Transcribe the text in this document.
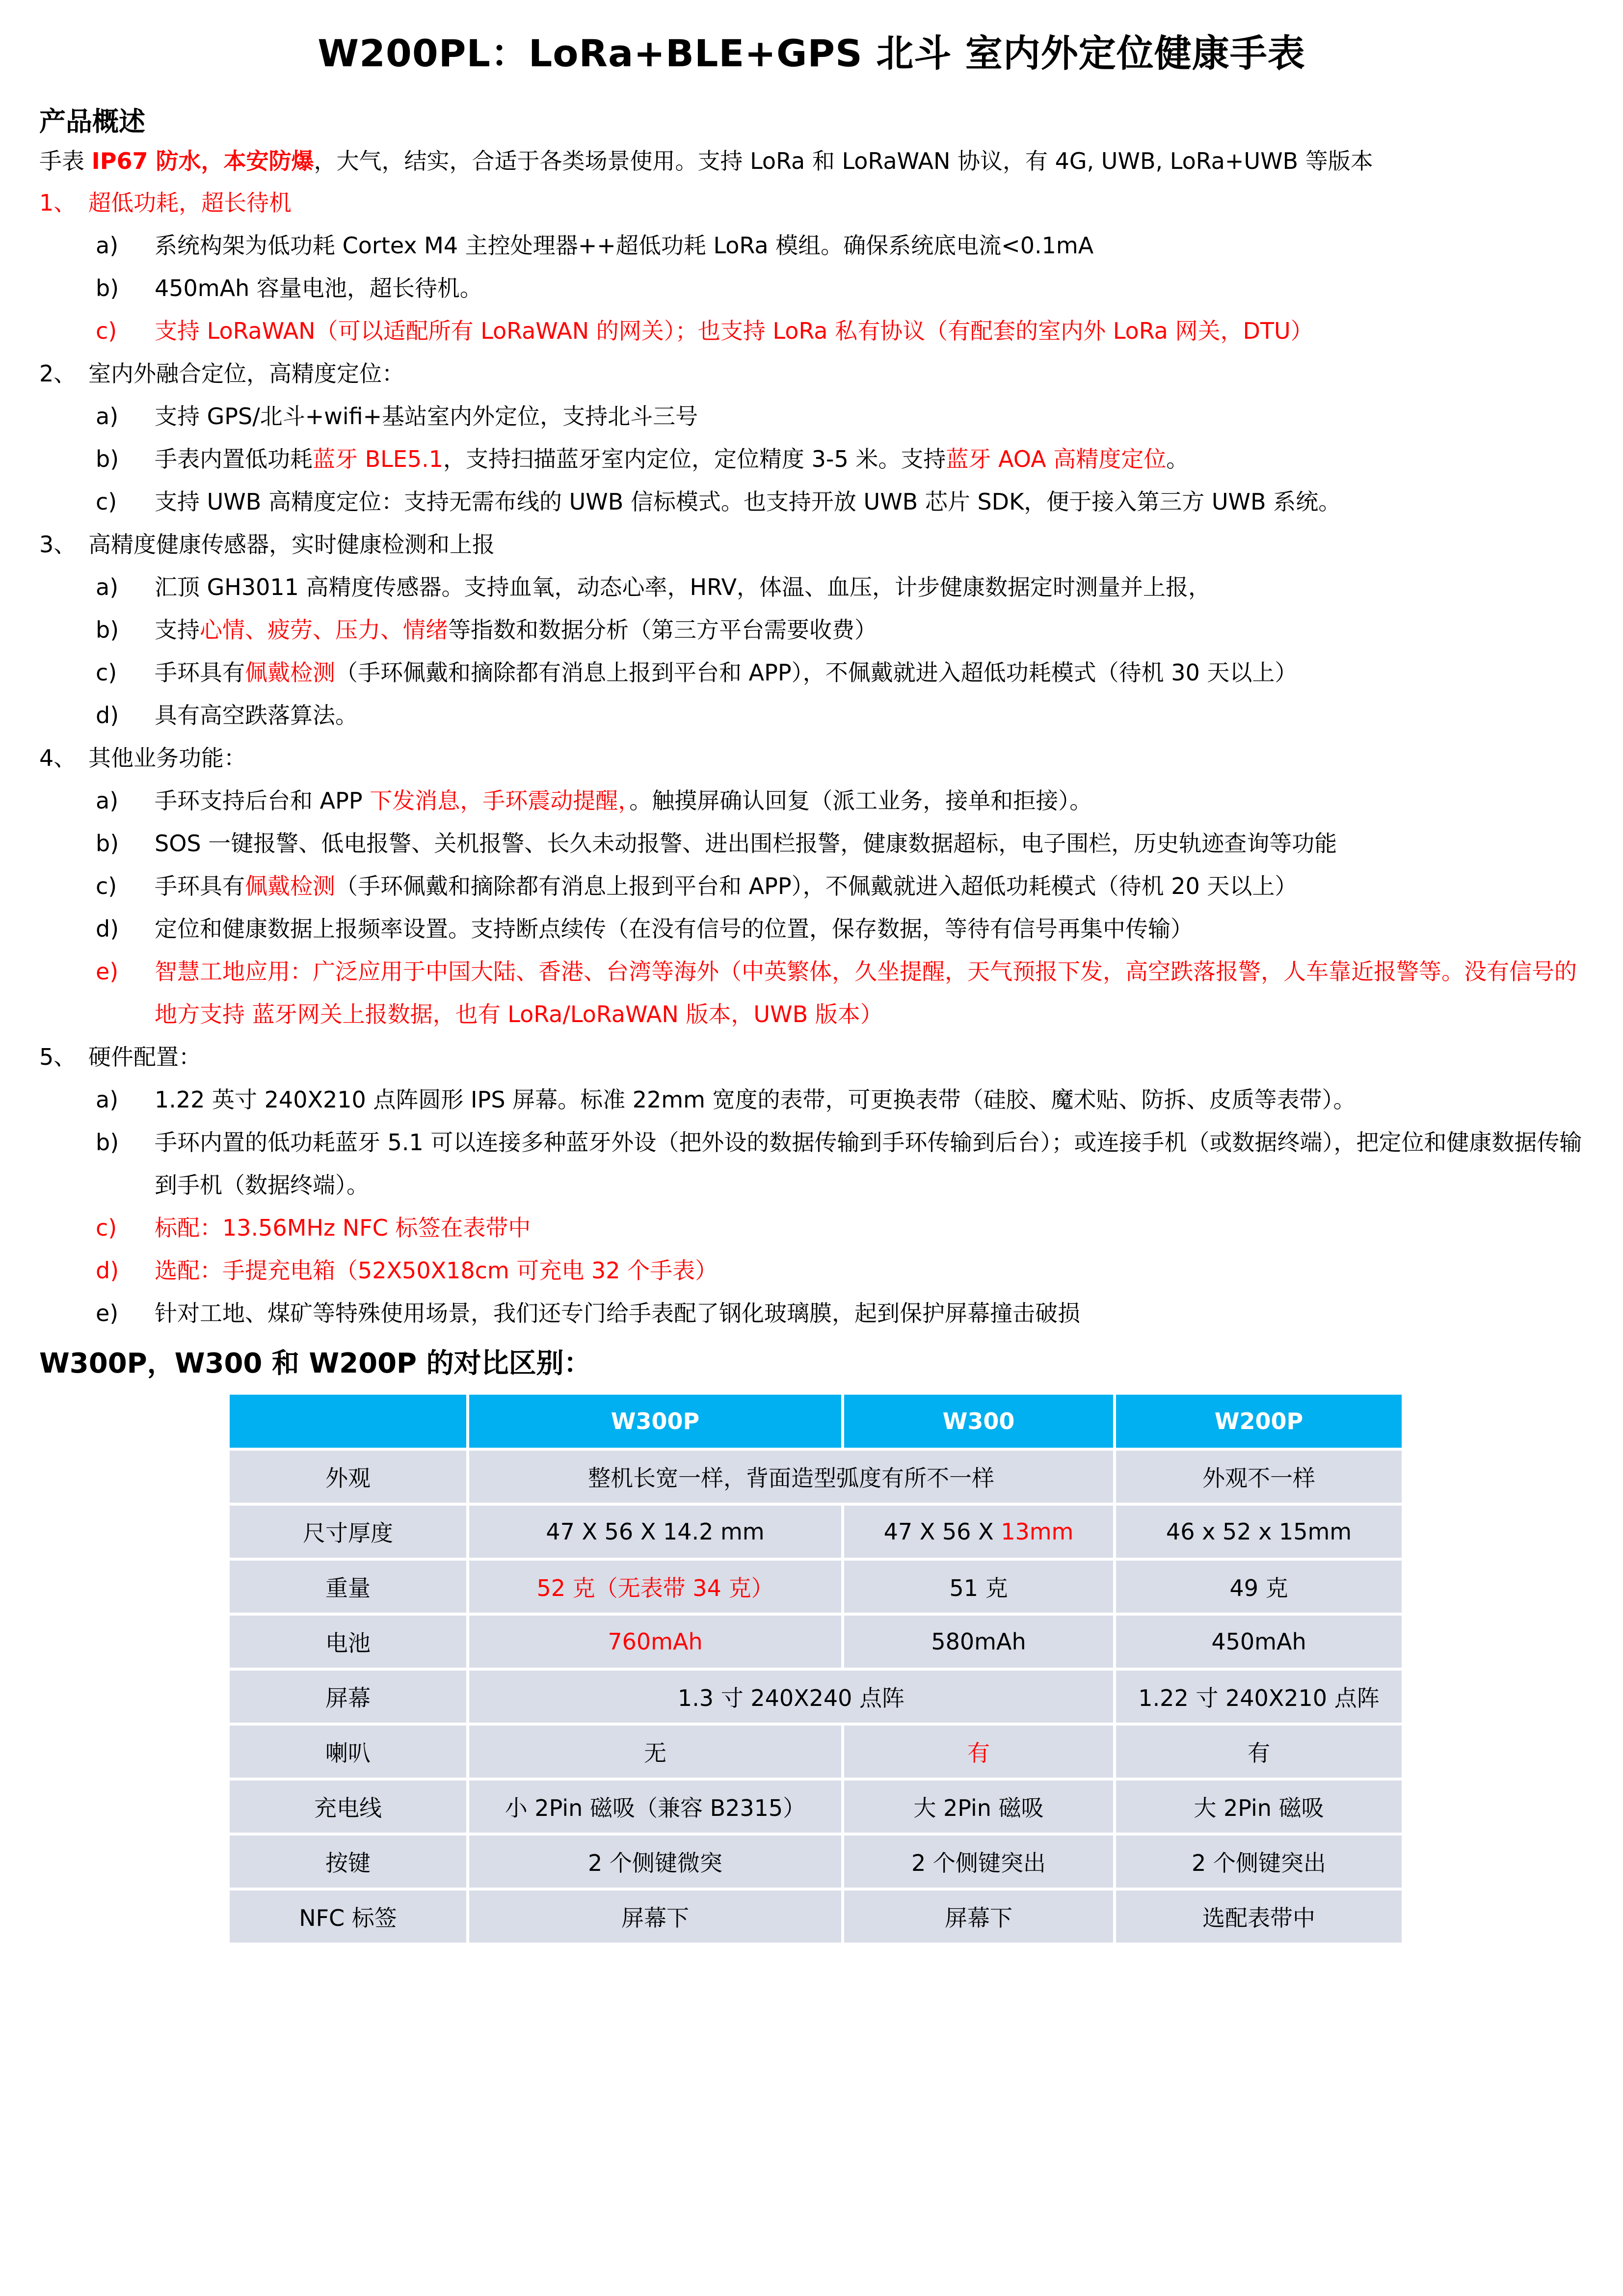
W200PL：LoRa+BLE+GPS 北斗 室内外定位健康手表
产品概述
手表 IP67 防水，本安防爆，大气，结实，合适于各类场景使用。支持 LoRa 和 LoRaWAN 协议，有 4G, UWB, LoRa+UWB 等版本
1、 超低功耗，超长待机
a)	系统构架为低功耗 Cortex M4 主控处理器++超低功耗 LoRa 模组。确保系统底电流<0.1mA
b)	450mAh 容量电池，超长待机。
c)	支持 LoRaWAN（可以适配所有 LoRaWAN 的网关）；也支持 LoRa 私有协议（有配套的室内外 LoRa 网关，DTU）
2、 室内外融合定位，高精度定位：
a)	支持 GPS/北斗+wifi+基站室内外定位，支持北斗三号
b)	手表内置低功耗蓝牙 BLE5.1，支持扫描蓝牙室内定位，定位精度 3-5 米。支持蓝牙 AOA 高精度定位。
c)	支持 UWB 高精度定位：支持无需布线的 UWB 信标模式。也支持开放 UWB 芯片 SDK，便于接入第三方 UWB 系统。
3、 高精度健康传感器，实时健康检测和上报
a)	汇顶 GH3011 高精度传感器。支持血氧，动态心率，HRV，体温、血压，计步健康数据定时测量并上报，
b)	支持心情、疲劳、压力、情绪等指数和数据分析（第三方平台需要收费）
c)	手环具有佩戴检测（手环佩戴和摘除都有消息上报到平台和 APP），不佩戴就进入超低功耗模式（待机 30 天以上）
d)	具有高空跌落算法。
4、 其他业务功能：
a)	手环支持后台和 APP 下发消息，手环震动提醒，。触摸屏确认回复（派工业务，接单和拒接）。
b)	SOS 一键报警、低电报警、关机报警、长久未动报警、进出围栏报警，健康数据超标，电子围栏，历史轨迹查询等功能
c)	手环具有佩戴检测（手环佩戴和摘除都有消息上报到平台和 APP），不佩戴就进入超低功耗模式（待机 20 天以上）
d)	定位和健康数据上报频率设置。支持断点续传（在没有信号的位置，保存数据，等待有信号再集中传输）
e)	智慧工地应用：广泛应用于中国大陆、香港、台湾等海外（中英繁体，久坐提醒，天气预报下发，高空跌落报警，人车靠近报警等。没有信号的地方支持 蓝牙网关上报数据，也有 LoRa/LoRaWAN 版本，UWB 版本）
5、 硬件配置：
a)	1.22 英寸 240X210 点阵圆形 IPS 屏幕。标准 22mm 宽度的表带，可更换表带（硅胶、魔术贴、防拆、皮质等表带）。
b)	手环内置的低功耗蓝牙 5.1 可以连接多种蓝牙外设（把外设的数据传输到手环传输到后台）；或连接手机（或数据终端），把定位和健康数据传输到手机（数据终端）。
c)	标配：13.56MHz NFC 标签在表带中
d)	选配：手提充电箱（52X50X18cm 可充电 32 个手表）
e)	针对工地、煤矿等特殊使用场景，我们还专门给手表配了钢化玻璃膜，起到保护屏幕撞击破损
W300P，W300 和 W200P 的对比区别：
	W300P	W300	W200P
外观	整机长宽一样，背面造型弧度有所不一样		外观不一样
尺寸厚度	47 X 56 X 14.2 mm	47 X 56 X 13mm	46 x 52 x 15mm
重量	52 克（无表带 34 克）	51 克	49 克
电池	760mAh	580mAh	450mAh
屏幕	1.3 寸 240X240 点阵		1.22 寸 240X210 点阵
喇叭	无	有	有
充电线	小 2Pin 磁吸（兼容 B2315）	大 2Pin 磁吸	大 2Pin 磁吸
按键	2 个侧键微突	2 个侧键突出	2 个侧键突出
NFC 标签	屏幕下	屏幕下	选配表带中
